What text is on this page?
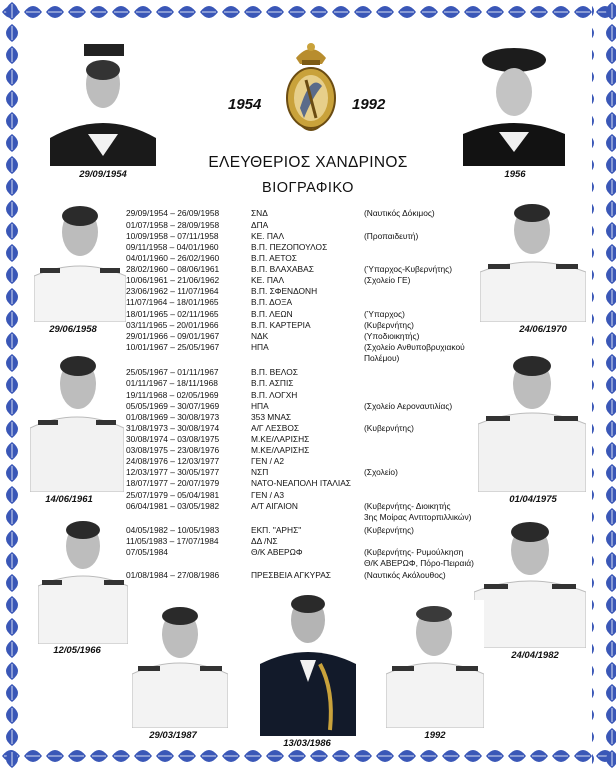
1954	1992
ΕΛΕΥΘΕΡΙΟΣ ΧΑΝΔΡΙΝΟΣ
ΒΙΟΓΡΑΦΙΚΟ
29/09/1954	1956
29/06/1958
14/06/1961
12/05/1966
24/06/1970
01/04/1975
24/04/1982
29/03/1987
13/03/1986
1992
29/09/1954 – 26/09/1958	ΣΝΔ	(Ναυτικός Δόκιμος)
01/07/1958 – 28/09/1958	ΔΠΑ
10/09/1958 – 07/11/1958	ΚΕ. ΠΑΛ	(Προπαιδευτή)
09/11/1958 – 04/01/1960	Β.Π. ΠΕΖΟΠΟΥΛΟΣ
04/01/1960 – 26/02/1960	Β.Π. ΑΕΤΟΣ
28/02/1960 – 08/06/1961	Β.Π. ΒΛΑΧΑΒΑΣ	(Ύπαρχος-Κυβερνήτης)
10/06/1961 – 21/06/1962	ΚΕ. ΠΑΛ	(Σχολείο ΓΕ)
23/06/1962 – 11/07/1964	Β.Π. ΣΦΕΝΔΟΝΗ
11/07/1964 – 18/01/1965	Β.Π. ΔΟΞΑ
18/01/1965 – 02/11/1965	Β.Π. ΛΕΩΝ	(Ύπαρχος)
03/11/1965 – 20/01/1966	Β.Π. ΚΑΡΤΕΡΙΑ	(Κυβερνήτης)
29/01/1966 – 09/01/1967	ΝΔΚ	(Υποδιοικητής)
10/01/1967 – 25/05/1967	ΗΠΑ	(Σχολείο Ανθυποβρυχιακού
Πολέμου)
25/05/1967 – 01/11/1967	Β.Π. ΒΕΛΟΣ
01/11/1967 – 18/11/1968	Β.Π. ΑΣΠΙΣ
19/11/1968 – 02/05/1969	Β.Π. ΛΟΓΧΗ
05/05/1969 – 30/07/1969	ΗΠΑ	(Σχολείο Αεροναυτιλίας)
01/08/1969 – 30/08/1973	353 ΜΝΑΣ
31/08/1973 – 30/08/1974	Α/Γ ΛΕΣΒΟΣ	(Κυβερνήτης)
30/08/1974 – 03/08/1975	Μ.ΚΕ/ΛΑΡΙΣΗΣ
03/08/1975 – 23/08/1976	Μ.ΚΕ/ΛΑΡΙΣΗΣ
24/08/1976 – 12/03/1977	ΓΕΝ / Α2
12/03/1977 – 30/05/1977	ΝΣΠ	(Σχολείο)
18/07/1977 – 20/07/1979	ΝΑΤΟ-ΝΕΑΠΟΛΗ ΙΤΑΛΙΑΣ
25/07/1979 – 05/04/1981	ΓΕΝ / Α3
06/04/1981 – 03/05/1982	Α/Τ ΑΙΓΑΙΟΝ	(Κυβερνήτης- Διοικητής
3ης Μοίρας Αντιτορπιλλικών)
04/05/1982 – 10/05/1983	ΕΚΠ. "ΑΡΗΣ"	(Κυβερνήτης)
11/05/1983 – 17/07/1984	ΔΔ /ΝΣ
07/05/1984	Θ/Κ ΑΒΕΡΩΦ	(Κυβερνήτης- Ρυμούλκηση
Θ/Κ ΑΒΕΡΩΦ, Πόρο-Πειραιά)
01/08/1984 – 27/08/1986	ΠΡΕΣΒΕΙΑ ΑΓΚΥΡΑΣ	(Ναυτικός Ακόλουθος)
